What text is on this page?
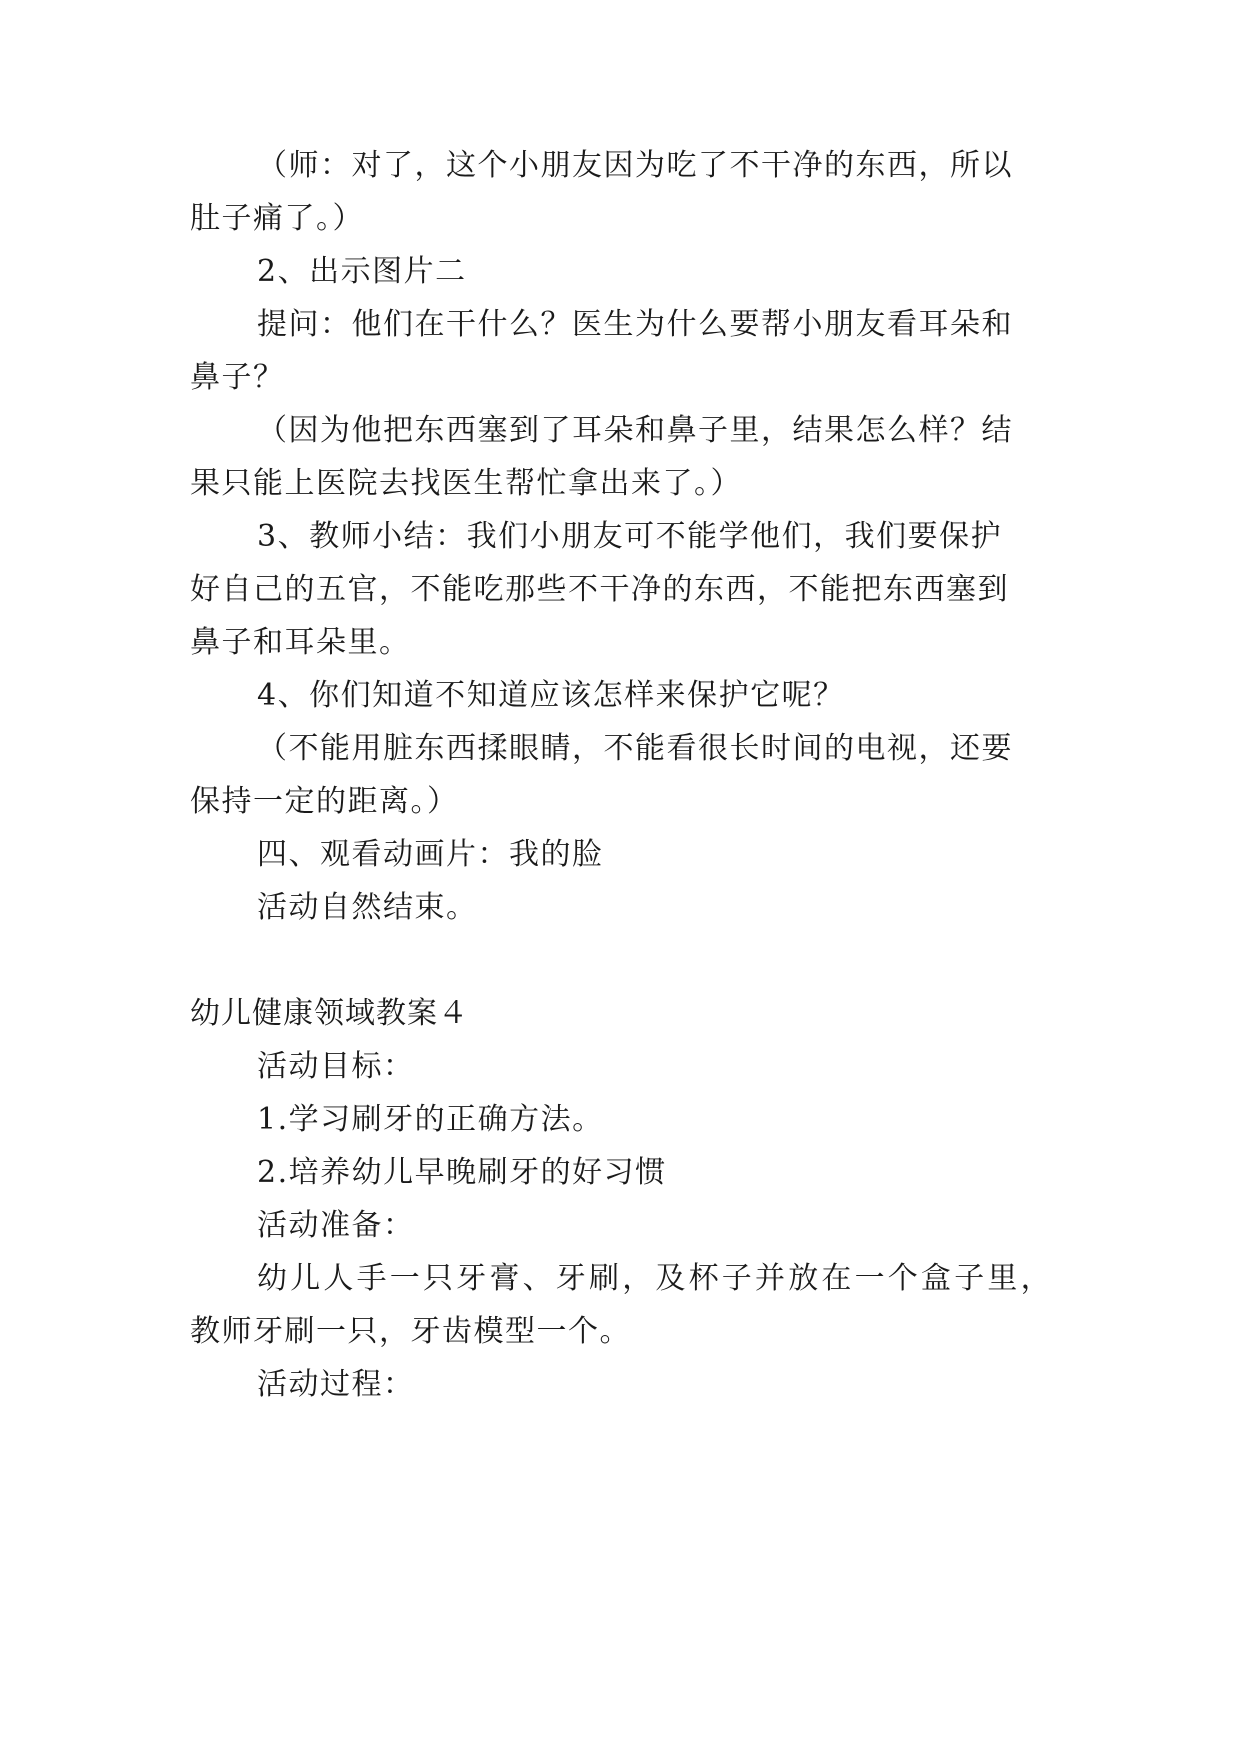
（师：对了，这个小朋友因为吃了不干净的东西，所以
肚子痛了。）
2、出示图片二
提问：他们在干什么？医生为什么要帮小朋友看耳朵和
鼻子？
（因为他把东西塞到了耳朵和鼻子里，结果怎么样？结
果只能上医院去找医生帮忙拿出来了。）
3、教师小结：我们小朋友可不能学他们，我们要保护
好自己的五官，不能吃那些不干净的东西，不能把东西塞到
鼻子和耳朵里。
4、你们知道不知道应该怎样来保护它呢？
（不能用脏东西揉眼睛，不能看很长时间的电视，还要
保持一定的距离。）
四、观看动画片：我的脸
活动自然结束。
幼儿健康领域教案４
活动目标：
1.学习刷牙的正确方法。
2.培养幼儿早晚刷牙的好习惯
活动准备：
幼儿人手一只牙膏、牙刷，及杯子并放在一个盒子里，
教师牙刷一只，牙齿模型一个。
活动过程：
